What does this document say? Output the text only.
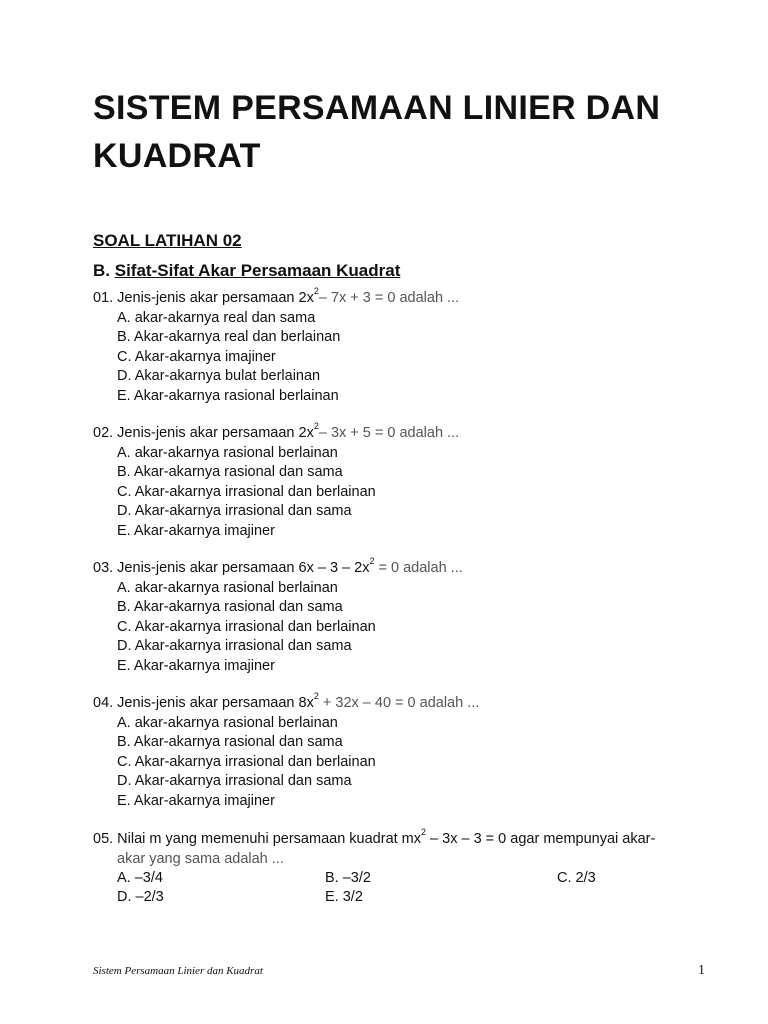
SISTEM PERSAMAAN LINIER DAN KUADRAT
SOAL LATIHAN 02
B. Sifat-Sifat Akar Persamaan Kuadrat
01. Jenis-jenis akar persamaan $2x^2-$ 7x + 3 = 0 adalah ...
A. akar-akarnya real dan sama
B. Akar-akarnya real dan berlainan
C. Akar-akarnya imajiner
D. Akar-akarnya bulat berlainan
E. Akar-akarnya rasional berlainan
02. Jenis-jenis akar persamaan $2x^2-$ 3x + 5 = 0 adalah ...
A. akar-akarnya rasional berlainan
B. Akar-akarnya rasional dan sama
C. Akar-akarnya irrasional dan berlainan
D. Akar-akarnya irrasional dan sama
E. Akar-akarnya imajiner
03. Jenis-jenis akar persamaan $6x - 3 - 2x^2 = 0$ adalah ...
A. akar-akarnya rasional berlainan
B. Akar-akarnya rasional dan sama
C. Akar-akarnya irrasional dan berlainan
D. Akar-akarnya irrasional dan sama
E. Akar-akarnya imajiner
04. Jenis-jenis akar persamaan $8x^2 + 32x - 40 = 0$ adalah ...
A. akar-akarnya rasional berlainan
B. Akar-akarnya rasional dan sama
C. Akar-akarnya irrasional dan berlainan
D. Akar-akarnya irrasional dan sama
E. Akar-akarnya imajiner
05. Nilai m yang memenuhi persamaan kuadrat $mx^2 - 3x - 3 = 0$ agar mempunyai akar-
akar yang sama adalah ...
A. –3/4	B. –3/2	C. 2/3
D. –2/3	E. 3/2
Sistem Persamaan Linier dan Kuadrat	1
